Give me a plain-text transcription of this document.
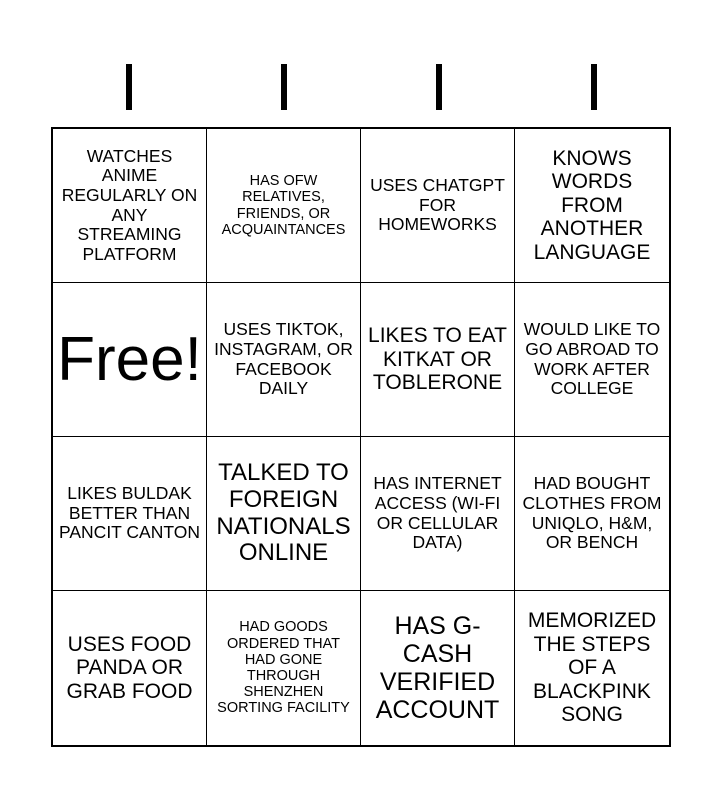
WATCHES ANIME REGULARLY ON ANY STREAMING PLATFORM
HAS OFW RELATIVES, FRIENDS, OR ACQUAINTANCES
USES CHATGPT FOR HOMEWORKS
KNOWS WORDS FROM ANOTHER LANGUAGE
Free!	USES TIKTOK, INSTAGRAM, OR FACEBOOK DAILY
LIKES TO EAT KITKAT OR TOBLERONE
WOULD LIKE TO GO ABROAD TO WORK AFTER COLLEGE
LIKES BULDAK BETTER THAN PANCIT CANTON
TALKED TO FOREIGN NATIONALS ONLINE
HAS INTERNET ACCESS (WI-FI OR CELLULAR DATA)
HAD BOUGHT CLOTHES FROM UNIQLO, H&M, OR BENCH
USES FOOD PANDA OR GRAB FOOD
HAD GOODS ORDERED THAT HAD GONE THROUGH SHENZHEN SORTING FACILITY
HAS G-CASH VERIFIED ACCOUNT
MEMORIZED THE STEPS OF A BLACKPINK SONG
